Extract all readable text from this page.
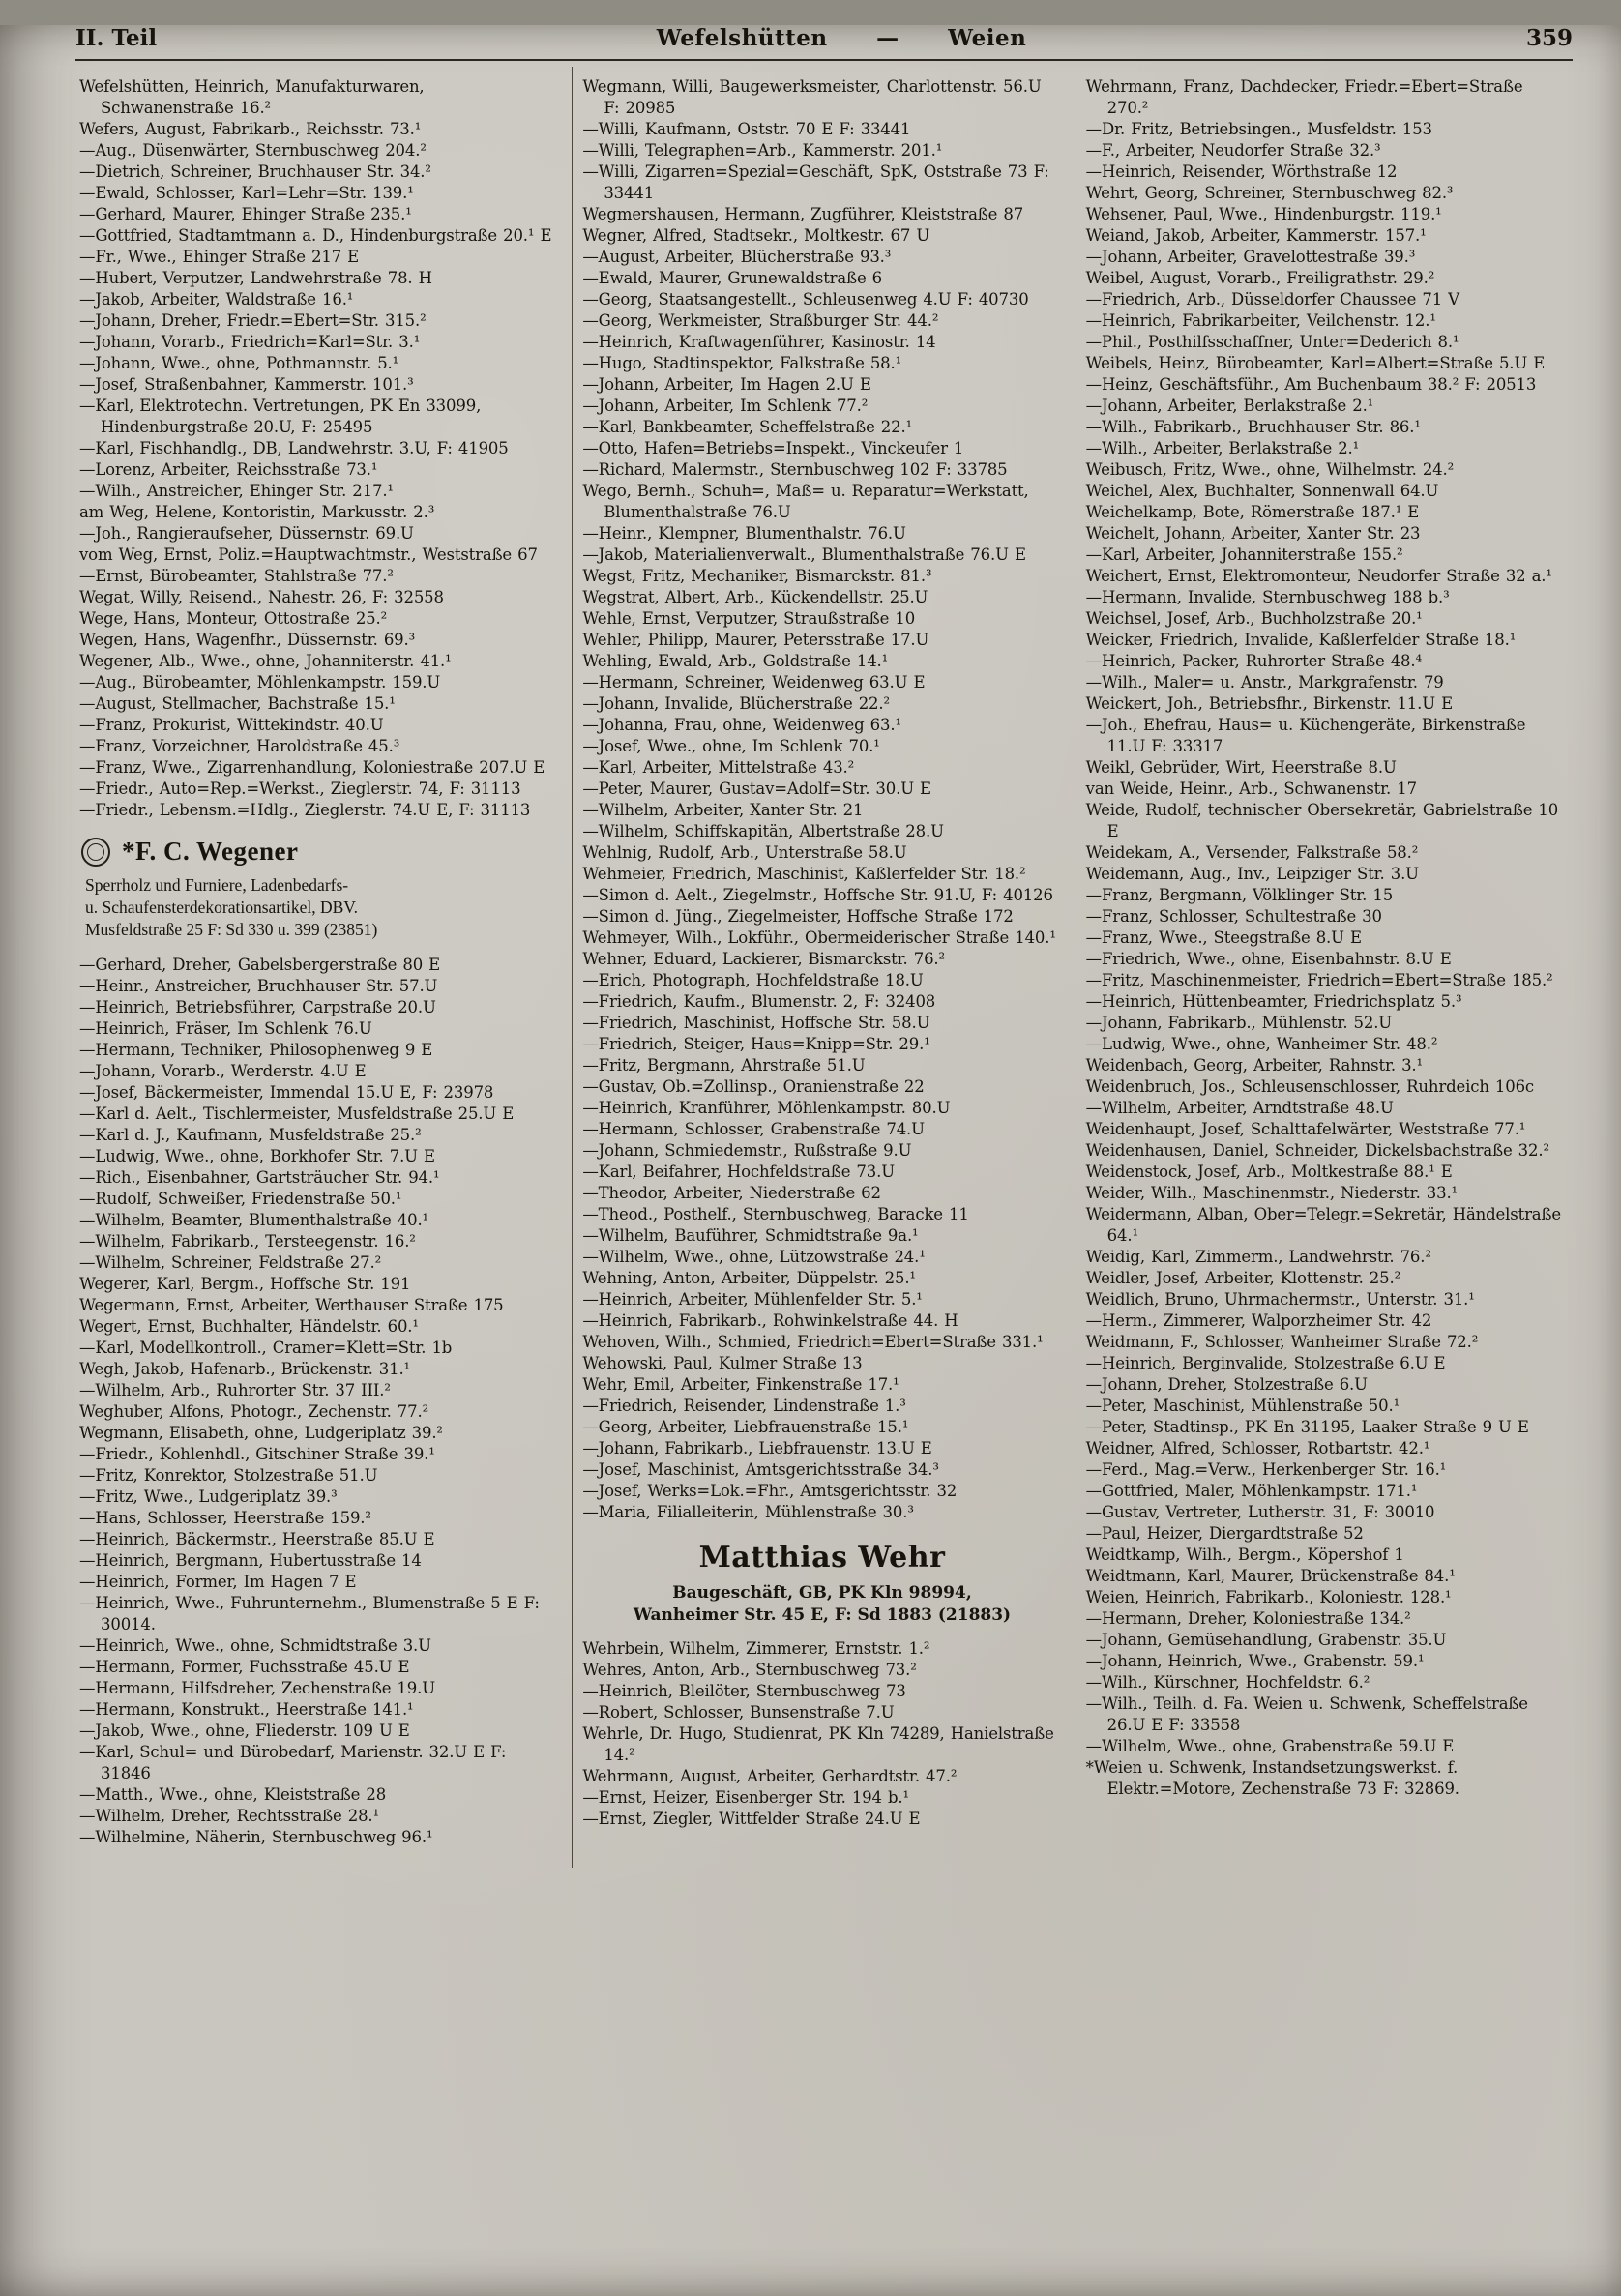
II. Teil	Wefelshütten — Weien	359
Wefelshütten, Heinrich, Manufakturwaren, Schwanenstraße 16.²
Wefers, August, Fabrikarb., Reichsstr. 73.¹
—Aug., Düsenwärter, Sternbuschweg 204.²
—Dietrich, Schreiner, Bruchhauser Str. 34.²
—Ewald, Schlosser, Karl=Lehr=Str. 139.¹
—Gerhard, Maurer, Ehinger Straße 235.¹
—Gottfried, Stadtamtmann a. D., Hindenburgstraße 20.¹ E
—Fr., Wwe., Ehinger Straße 217 E
—Hubert, Verputzer, Landwehrstraße 78. H
—Jakob, Arbeiter, Waldstraße 16.¹
—Johann, Dreher, Friedr.=Ebert=Str. 315.²
—Johann, Vorarb., Friedrich=Karl=Str. 3.¹
—Johann, Wwe., ohne, Pothmannstr. 5.¹
—Josef, Straßenbahner, Kammerstr. 101.³
—Karl, Elektrotechn. Vertretungen, PK En 33099, Hindenburgstraße 20.U, F: 25495
—Karl, Fischhandlg., DB, Landwehrstr. 3.U, F: 41905
—Lorenz, Arbeiter, Reichsstraße 73.¹
—Wilh., Anstreicher, Ehinger Str. 217.¹
am Weg, Helene, Kontoristin, Markusstr. 2.³
—Joh., Rangieraufseher, Düssernstr. 69.U
vom Weg, Ernst, Poliz.=Hauptwachtmstr., Weststraße 67
—Ernst, Bürobeamter, Stahlstraße 77.²
Wegat, Willy, Reisend., Nahestr. 26, F: 32558
Wege, Hans, Monteur, Ottostraße 25.²
Wegen, Hans, Wagenfhr., Düssernstr. 69.³
Wegener, Alb., Wwe., ohne, Johanniterstr. 41.¹
—Aug., Bürobeamter, Möhlenkampstr. 159.U
—August, Stellmacher, Bachstraße 15.¹
—Franz, Prokurist, Wittekindstr. 40.U
—Franz, Vorzeichner, Haroldstraße 45.³
—Franz, Wwe., Zigarrenhandlung, Koloniestraße 207.U E
—Friedr., Auto=Rep.=Werkst., Zieglerstr. 74, F: 31113
—Friedr., Lebensm.=Hdlg., Zieglerstr. 74.U E, F: 31113
*F. C. Wegener
Sperrholz und Furniere, Ladenbedarfs-
u. Schaufensterdekorationsartikel, DBV.
Musfeldstraße 25 F: Sd 330 u. 399 (23851)
—Gerhard, Dreher, Gabelsbergerstraße 80 E
—Heinr., Anstreicher, Bruchhauser Str. 57.U
—Heinrich, Betriebsführer, Carpstraße 20.U
—Heinrich, Fräser, Im Schlenk 76.U
—Hermann, Techniker, Philosophenweg 9 E
—Johann, Vorarb., Werderstr. 4.U E
—Josef, Bäckermeister, Immendal 15.U E, F: 23978
—Karl d. Aelt., Tischlermeister, Musfeldstraße 25.U E
—Karl d. J., Kaufmann, Musfeldstraße 25.²
—Ludwig, Wwe., ohne, Borkhofer Str. 7.U E
—Rich., Eisenbahner, Gartsträucher Str. 94.¹
—Rudolf, Schweißer, Friedenstraße 50.¹
—Wilhelm, Beamter, Blumenthalstraße 40.¹
—Wilhelm, Fabrikarb., Tersteegenstr. 16.²
—Wilhelm, Schreiner, Feldstraße 27.²
Wegerer, Karl, Bergm., Hoffsche Str. 191
Wegermann, Ernst, Arbeiter, Werthauser Straße 175
Wegert, Ernst, Buchhalter, Händelstr. 60.¹
—Karl, Modellkontroll., Cramer=Klett=Str. 1b
Wegh, Jakob, Hafenarb., Brückenstr. 31.¹
—Wilhelm, Arb., Ruhrorter Str. 37 III.²
Weghuber, Alfons, Photogr., Zechenstr. 77.²
Wegmann, Elisabeth, ohne, Ludgeriplatz 39.²
—Friedr., Kohlenhdl., Gitschiner Straße 39.¹
—Fritz, Konrektor, Stolzestraße 51.U
—Fritz, Wwe., Ludgeriplatz 39.³
—Hans, Schlosser, Heerstraße 159.²
—Heinrich, Bäckermstr., Heerstraße 85.U E
—Heinrich, Bergmann, Hubertusstraße 14
—Heinrich, Former, Im Hagen 7 E
—Heinrich, Wwe., Fuhrunternehm., Blumenstraße 5 E F: 30014.
—Heinrich, Wwe., ohne, Schmidtstraße 3.U
—Hermann, Former, Fuchsstraße 45.U E
—Hermann, Hilfsdreher, Zechenstraße 19.U
—Hermann, Konstrukt., Heerstraße 141.¹
—Jakob, Wwe., ohne, Fliederstr. 109 U E
—Karl, Schul= und Bürobedarf, Marienstr. 32.U E F: 31846
—Matth., Wwe., ohne, Kleiststraße 28
—Wilhelm, Dreher, Rechtsstraße 28.¹
—Wilhelmine, Näherin, Sternbuschweg 96.¹
Wegmann, Willi, Baugewerksmeister, Charlottenstr. 56.U F: 20985
—Willi, Kaufmann, Oststr. 70 E F: 33441
—Willi, Telegraphen=Arb., Kammerstr. 201.¹
—Willi, Zigarren=Spezial=Geschäft, SpK, Oststraße 73 F: 33441
Wegmershausen, Hermann, Zugführer, Kleiststraße 87
Wegner, Alfred, Stadtsekr., Moltkestr. 67 U
—August, Arbeiter, Blücherstraße 93.³
—Ewald, Maurer, Grunewaldstraße 6
—Georg, Staatsangestellt., Schleusenweg 4.U F: 40730
—Georg, Werkmeister, Straßburger Str. 44.²
—Heinrich, Kraftwagenführer, Kasinostr. 14
—Hugo, Stadtinspektor, Falkstraße 58.¹
—Johann, Arbeiter, Im Hagen 2.U E
—Johann, Arbeiter, Im Schlenk 77.²
—Karl, Bankbeamter, Scheffelstraße 22.¹
—Otto, Hafen=Betriebs=Inspekt., Vinckeufer 1
—Richard, Malermstr., Sternbuschweg 102 F: 33785
Wego, Bernh., Schuh=, Maß= u. Reparatur=Werkstatt, Blumenthalstraße 76.U
—Heinr., Klempner, Blumenthalstr. 76.U
—Jakob, Materialienverwalt., Blumenthalstraße 76.U E
Wegst, Fritz, Mechaniker, Bismarckstr. 81.³
Wegstrat, Albert, Arb., Kückendellstr. 25.U
Wehle, Ernst, Verputzer, Straußstraße 10
Wehler, Philipp, Maurer, Petersstraße 17.U
Wehling, Ewald, Arb., Goldstraße 14.¹
—Hermann, Schreiner, Weidenweg 63.U E
—Johann, Invalide, Blücherstraße 22.²
—Johanna, Frau, ohne, Weidenweg 63.¹
—Josef, Wwe., ohne, Im Schlenk 70.¹
—Karl, Arbeiter, Mittelstraße 43.²
—Peter, Maurer, Gustav=Adolf=Str. 30.U E
—Wilhelm, Arbeiter, Xanter Str. 21
—Wilhelm, Schiffskapitän, Albertstraße 28.U
Wehlnig, Rudolf, Arb., Unterstraße 58.U
Wehmeier, Friedrich, Maschinist, Kaßlerfelder Str. 18.²
—Simon d. Aelt., Ziegelmstr., Hoffsche Str. 91.U, F: 40126
—Simon d. Jüng., Ziegelmeister, Hoffsche Straße 172
Wehmeyer, Wilh., Lokführ., Obermeiderischer Straße 140.¹
Wehner, Eduard, Lackierer, Bismarckstr. 76.²
—Erich, Photograph, Hochfeldstraße 18.U
—Friedrich, Kaufm., Blumenstr. 2, F: 32408
—Friedrich, Maschinist, Hoffsche Str. 58.U
—Friedrich, Steiger, Haus=Knipp=Str. 29.¹
—Fritz, Bergmann, Ahrstraße 51.U
—Gustav, Ob.=Zollinsp., Oranienstraße 22
—Heinrich, Kranführer, Möhlenkampstr. 80.U
—Hermann, Schlosser, Grabenstraße 74.U
—Johann, Schmiedemstr., Rußstraße 9.U
—Karl, Beifahrer, Hochfeldstraße 73.U
—Theodor, Arbeiter, Niederstraße 62
—Theod., Posthelf., Sternbuschweg, Baracke 11
—Wilhelm, Bauführer, Schmidtstraße 9a.¹
—Wilhelm, Wwe., ohne, Lützowstraße 24.¹
Wehning, Anton, Arbeiter, Düppelstr. 25.¹
—Heinrich, Arbeiter, Mühlenfelder Str. 5.¹
—Heinrich, Fabrikarb., Rohwinkelstraße 44. H
Wehoven, Wilh., Schmied, Friedrich=Ebert=Straße 331.¹
Wehowski, Paul, Kulmer Straße 13
Wehr, Emil, Arbeiter, Finkenstraße 17.¹
—Friedrich, Reisender, Lindenstraße 1.³
—Georg, Arbeiter, Liebfrauenstraße 15.¹
—Johann, Fabrikarb., Liebfrauenstr. 13.U E
—Josef, Maschinist, Amtsgerichtsstraße 34.³
—Josef, Werks=Lok.=Fhr., Amtsgerichtsstr. 32
—Maria, Filialleiterin, Mühlenstraße 30.³
Matthias Wehr
Baugeschäft, GB, PK Kln 98994,
Wanheimer Str. 45 E, F: Sd 1883 (21883)
Wehrbein, Wilhelm, Zimmerer, Ernststr. 1.²
Wehres, Anton, Arb., Sternbuschweg 73.²
—Heinrich, Bleilöter, Sternbuschweg 73
—Robert, Schlosser, Bunsenstraße 7.U
Wehrle, Dr. Hugo, Studienrat, PK Kln 74289, Hanielstraße 14.²
Wehrmann, August, Arbeiter, Gerhardtstr. 47.²
—Ernst, Heizer, Eisenberger Str. 194 b.¹
—Ernst, Ziegler, Wittfelder Straße 24.U E
Wehrmann, Franz, Dachdecker, Friedr.=Ebert=Straße 270.²
—Dr. Fritz, Betriebsingen., Musfeldstr. 153
—F., Arbeiter, Neudorfer Straße 32.³
—Heinrich, Reisender, Wörthstraße 12
Wehrt, Georg, Schreiner, Sternbuschweg 82.³
Wehsener, Paul, Wwe., Hindenburgstr. 119.¹
Weiand, Jakob, Arbeiter, Kammerstr. 157.¹
—Johann, Arbeiter, Gravelottestraße 39.³
Weibel, August, Vorarb., Freiligrathstr. 29.²
—Friedrich, Arb., Düsseldorfer Chaussee 71 V
—Heinrich, Fabrikarbeiter, Veilchenstr. 12.¹
—Phil., Posthilfsschaffner, Unter=Dederich 8.¹
Weibels, Heinz, Bürobeamter, Karl=Albert=Straße 5.U E
—Heinz, Geschäftsführ., Am Buchenbaum 38.² F: 20513
—Johann, Arbeiter, Berlakstraße 2.¹
—Wilh., Fabrikarb., Bruchhauser Str. 86.¹
—Wilh., Arbeiter, Berlakstraße 2.¹
Weibusch, Fritz, Wwe., ohne, Wilhelmstr. 24.²
Weichel, Alex, Buchhalter, Sonnenwall 64.U
Weichelkamp, Bote, Römerstraße 187.¹ E
Weichelt, Johann, Arbeiter, Xanter Str. 23
—Karl, Arbeiter, Johanniterstraße 155.²
Weichert, Ernst, Elektromonteur, Neudorfer Straße 32 a.¹
—Hermann, Invalide, Sternbuschweg 188 b.³
Weichsel, Josef, Arb., Buchholzstraße 20.¹
Weicker, Friedrich, Invalide, Kaßlerfelder Straße 18.¹
—Heinrich, Packer, Ruhrorter Straße 48.⁴
—Wilh., Maler= u. Anstr., Markgrafenstr. 79
Weickert, Joh., Betriebsfhr., Birkenstr. 11.U E
—Joh., Ehefrau, Haus= u. Küchengeräte, Birkenstraße 11.U F: 33317
Weikl, Gebrüder, Wirt, Heerstraße 8.U
van Weide, Heinr., Arb., Schwanenstr. 17
Weide, Rudolf, technischer Obersekretär, Gabrielstraße 10 E
Weidekam, A., Versender, Falkstraße 58.²
Weidemann, Aug., Inv., Leipziger Str. 3.U
—Franz, Bergmann, Völklinger Str. 15
—Franz, Schlosser, Schultestraße 30
—Franz, Wwe., Steegstraße 8.U E
—Friedrich, Wwe., ohne, Eisenbahnstr. 8.U E
—Fritz, Maschinenmeister, Friedrich=Ebert=Straße 185.²
—Heinrich, Hüttenbeamter, Friedrichsplatz 5.³
—Johann, Fabrikarb., Mühlenstr. 52.U
—Ludwig, Wwe., ohne, Wanheimer Str. 48.²
Weidenbach, Georg, Arbeiter, Rahnstr. 3.¹
Weidenbruch, Jos., Schleusenschlosser, Ruhrdeich 106c
—Wilhelm, Arbeiter, Arndtstraße 48.U
Weidenhaupt, Josef, Schalttafelwärter, Weststraße 77.¹
Weidenhausen, Daniel, Schneider, Dickelsbachstraße 32.²
Weidenstock, Josef, Arb., Moltkestraße 88.¹ E
Weider, Wilh., Maschinenmstr., Niederstr. 33.¹
Weidermann, Alban, Ober=Telegr.=Sekretär, Händelstraße 64.¹
Weidig, Karl, Zimmerm., Landwehrstr. 76.²
Weidler, Josef, Arbeiter, Klottenstr. 25.²
Weidlich, Bruno, Uhrmachermstr., Unterstr. 31.¹
—Herm., Zimmerer, Walporzheimer Str. 42
Weidmann, F., Schlosser, Wanheimer Straße 72.²
—Heinrich, Berginvalide, Stolzestraße 6.U E
—Johann, Dreher, Stolzestraße 6.U
—Peter, Maschinist, Mühlenstraße 50.¹
—Peter, Stadtinsp., PK En 31195, Laaker Straße 9 U E
Weidner, Alfred, Schlosser, Rotbartstr. 42.¹
—Ferd., Mag.=Verw., Herkenberger Str. 16.¹
—Gottfried, Maler, Möhlenkampstr. 171.¹
—Gustav, Vertreter, Lutherstr. 31, F: 30010
—Paul, Heizer, Diergardtstraße 52
Weidtkamp, Wilh., Bergm., Köpershof 1
Weidtmann, Karl, Maurer, Brückenstraße 84.¹
Weien, Heinrich, Fabrikarb., Koloniestr. 128.¹
—Hermann, Dreher, Koloniestraße 134.²
—Johann, Gemüsehandlung, Grabenstr. 35.U
—Johann, Heinrich, Wwe., Grabenstr. 59.¹
—Wilh., Kürschner, Hochfeldstr. 6.²
—Wilh., Teilh. d. Fa. Weien u. Schwenk, Scheffelstraße 26.U E F: 33558
—Wilhelm, Wwe., ohne, Grabenstraße 59.U E
*Weien u. Schwenk, Instandsetzungswerkst. f. Elektr.=Motore, Zechenstraße 73 F: 32869.
